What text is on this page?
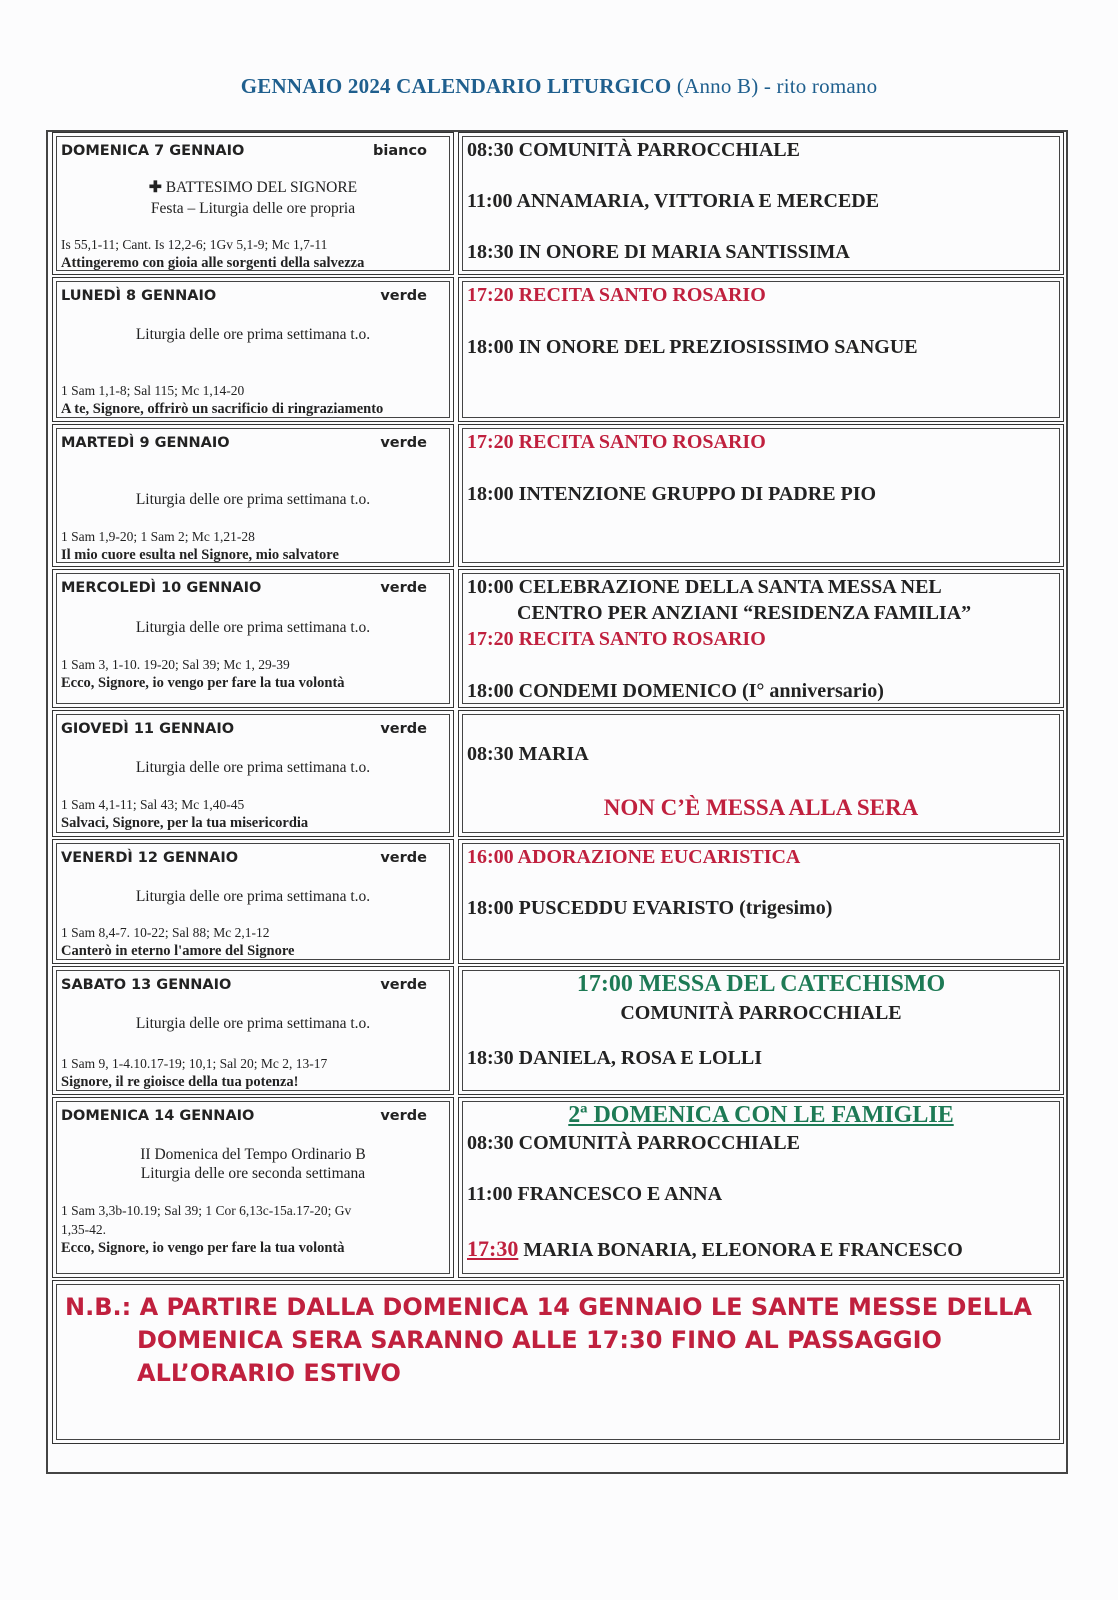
GENNAIO 2024 CALENDARIO LITURGICO (Anno B) - rito romano
DOMENICA 7 GENNAIO	bianco
✚ BATTESIMO DEL SIGNORE
Festa – Liturgia delle ore propria
Is 55,1-11; Cant. Is 12,2-6; 1Gv 5,1-9; Mc 1,7-11
Attingeremo con gioia alle sorgenti della salvezza
08:30 COMUNITÀ PARROCCHIALE
11:00 ANNAMARIA, VITTORIA E MERCEDE
18:30 IN ONORE DI MARIA SANTISSIMA
LUNEDÌ 8 GENNAIO	verde
Liturgia delle ore prima settimana t.o.
1 Sam 1,1-8; Sal 115; Mc 1,14-20
A te, Signore, offrirò un sacrificio di ringraziamento
17:20 RECITA SANTO ROSARIO
18:00 IN ONORE DEL PREZIOSISSIMO SANGUE
MARTEDÌ 9 GENNAIO	verde
Liturgia delle ore prima settimana t.o.
1 Sam 1,9-20; 1 Sam 2; Mc 1,21-28
Il mio cuore esulta nel Signore, mio salvatore
17:20 RECITA SANTO ROSARIO
18:00 INTENZIONE GRUPPO DI PADRE PIO
MERCOLEDÌ 10 GENNAIO	verde
Liturgia delle ore prima settimana t.o.
1 Sam 3, 1-10. 19-20; Sal 39; Mc 1, 29-39
Ecco, Signore, io vengo per fare la tua volontà
10:00 CELEBRAZIONE DELLA SANTA MESSA NEL
CENTRO PER ANZIANI “RESIDENZA FAMILIA”
17:20 RECITA SANTO ROSARIO
18:00 CONDEMI DOMENICO (I° anniversario)
GIOVEDÌ 11 GENNAIO	verde
Liturgia delle ore prima settimana t.o.
1 Sam 4,1-11; Sal 43; Mc 1,40-45
Salvaci, Signore, per la tua misericordia
08:30 MARIA
NON C’È MESSA ALLA SERA
VENERDÌ 12 GENNAIO	verde
Liturgia delle ore prima settimana t.o.
1 Sam 8,4-7. 10-22; Sal 88; Mc 2,1-12
Canterò in eterno l'amore del Signore
16:00 ADORAZIONE EUCARISTICA
18:00 PUSCEDDU EVARISTO (trigesimo)
SABATO 13 GENNAIO	verde
Liturgia delle ore prima settimana t.o.
1 Sam 9, 1-4.10.17-19; 10,1; Sal 20; Mc 2, 13-17
Signore, il re gioisce della tua potenza!
17:00 MESSA DEL CATECHISMO
COMUNITÀ PARROCCHIALE
18:30 DANIELA, ROSA E LOLLI
DOMENICA 14 GENNAIO	verde
II Domenica del Tempo Ordinario B
Liturgia delle ore seconda settimana
1 Sam 3,3b-10.19; Sal 39; 1 Cor 6,13c-15a.17-20; Gv
1,35-42.
Ecco, Signore, io vengo per fare la tua volontà
2ª DOMENICA CON LE FAMIGLIE
08:30 COMUNITÀ PARROCCHIALE
11:00 FRANCESCO E ANNA
17:30 MARIA BONARIA, ELEONORA E FRANCESCO
N.B.: A PARTIRE DALLA DOMENICA 14 GENNAIO LE SANTE MESSE DELLA
DOMENICA SERA SARANNO ALLE 17:30 FINO AL PASSAGGIO
ALL’ORARIO ESTIVO
